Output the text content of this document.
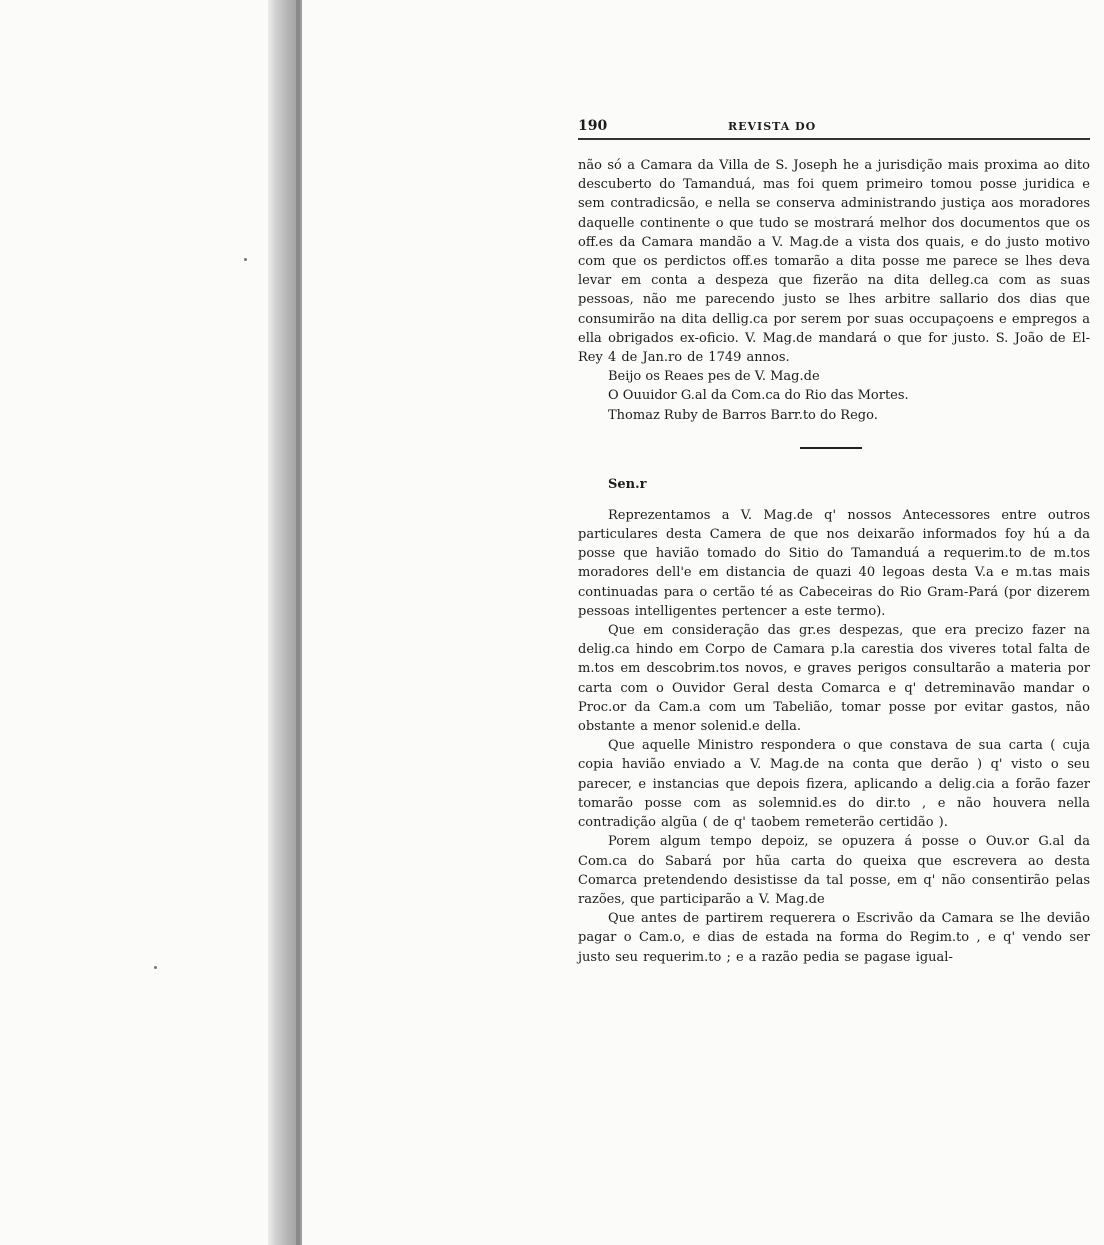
190	REVISTA DO

não só a Camara da Villa de S. Joseph he a jurisdição mais proxima ao dito descuberto do Tamanduá, mas foi quem primeiro tomou posse juridica e sem contradicsão, e nella se conserva administrando justiça aos moradores daquelle continente o que tudo se mostrará melhor dos documentos que os off.es da Camara mandão a V. Mag.de a vista dos quais, e do justo motivo com que os perdictos off.es tomarão a dita posse me parece se lhes deva levar em conta a despeza que fizerão na dita delleg.ca com as suas pessoas, não me parecendo justo se lhes arbitre sallario dos dias que consumirão na dita dellig.ca por serem por suas occupaçoens e empregos a ella obrigados ex-oficio. V. Mag.de mandará o que for justo. S. João de El-Rey 4 de Jan.ro de 1749 annos.

Beijo os Reaes pes de V. Mag.de
O Ouuidor G.al da Com.ca do Rio das Mortes.
Thomaz Ruby de Barros Barr.to do Rego.
Sen.r

Reprezentamos a V. Mag.de q' nossos Antecessores entre outros particulares desta Camera de que nos deixarão informados foy hú a da posse que havião tomado do Sitio do Tamanduá a requerim.to de m.tos moradores dell'e em distancia de quazi 40 legoas desta V.a e m.tas mais continuadas para o certão té as Cabeceiras do Rio Gram-Pará (por dizerem pessoas intelligentes pertencer a este termo).

Que em consideração das gr.es despezas, que era precizo fazer na delig.ca hindo em Corpo de Camara p.la carestia dos viveres total falta de m.tos em descobrim.tos novos, e graves perigos consultarão a materia por carta com o Ouvidor Geral desta Comarca e q' detreminavão mandar o Proc.or da Cam.a com um Tabelião, tomar posse por evitar gastos, não obstante a menor solenid.e della.

Que aquelle Ministro respondera o que constava de sua carta ( cuja copia havião enviado a V. Mag.de na conta que derão ) q' visto o seu parecer, e instancias que depois fizera, aplicando a delig.cia a forão fazer tomarão posse com as solemnid.es do dir.to , e não houvera nella contradição algũa ( de q' taobem remeterão certidão ).

Porem algum tempo depoiz, se opuzera á posse o Ouv.or G.al da Com.ca do Sabará por hũa carta do queixa que escrevera ao desta Comarca pretendendo desistisse da tal posse, em q' não consentirão pelas razões, que participarão a V. Mag.de

Que antes de partirem requerera o Escrivão da Camara se lhe devião pagar o Cam.o, e dias de estada na forma do Regim.to , e q' vendo ser justo seu requerim.to ; e a razão pedia se pagase igual-
